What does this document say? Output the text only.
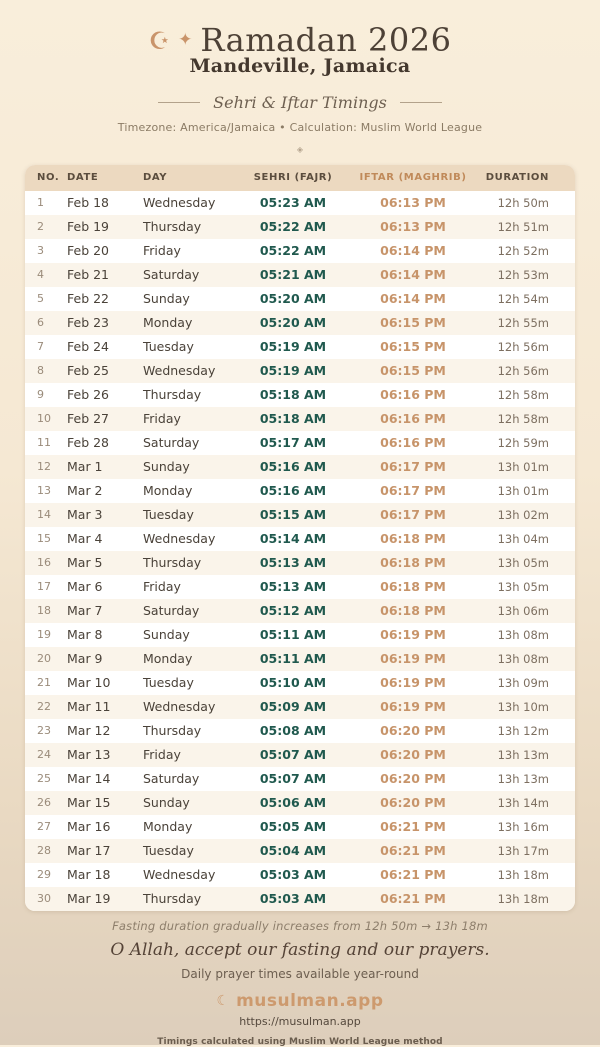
☪ ✦ Ramadan 2026
Mandeville, Jamaica
Sehri & Iftar Timings
Timezone: America/Jamaica • Calculation: Muslim World League
◈
NO. DATE	DAY	SEHRI (FAJR)	IFTAR (MAGHRIB)	DURATION
1	Feb 18	Wednesday	05:23 AM	06:13 PM	12h 50m
2	Feb 19	Thursday	05:22 AM	06:13 PM	12h 51m
3	Feb 20	Friday	05:22 AM	06:14 PM	12h 52m
4	Feb 21	Saturday	05:21 AM	06:14 PM	12h 53m
5	Feb 22	Sunday	05:20 AM	06:14 PM	12h 54m
6	Feb 23	Monday	05:20 AM	06:15 PM	12h 55m
7	Feb 24	Tuesday	05:19 AM	06:15 PM	12h 56m
8	Feb 25	Wednesday	05:19 AM	06:15 PM	12h 56m
9	Feb 26	Thursday	05:18 AM	06:16 PM	12h 58m
10	Feb 27	Friday	05:18 AM	06:16 PM	12h 58m
11	Feb 28	Saturday	05:17 AM	06:16 PM	12h 59m
12	Mar 1	Sunday	05:16 AM	06:17 PM	13h 01m
13	Mar 2	Monday	05:16 AM	06:17 PM	13h 01m
14	Mar 3	Tuesday	05:15 AM	06:17 PM	13h 02m
15	Mar 4	Wednesday	05:14 AM	06:18 PM	13h 04m
16	Mar 5	Thursday	05:13 AM	06:18 PM	13h 05m
17	Mar 6	Friday	05:13 AM	06:18 PM	13h 05m
18	Mar 7	Saturday	05:12 AM	06:18 PM	13h 06m
19	Mar 8	Sunday	05:11 AM	06:19 PM	13h 08m
20	Mar 9	Monday	05:11 AM	06:19 PM	13h 08m
21	Mar 10	Tuesday	05:10 AM	06:19 PM	13h 09m
22	Mar 11	Wednesday	05:09 AM	06:19 PM	13h 10m
23	Mar 12	Thursday	05:08 AM	06:20 PM	13h 12m
24	Mar 13	Friday	05:07 AM	06:20 PM	13h 13m
25	Mar 14	Saturday	05:07 AM	06:20 PM	13h 13m
26	Mar 15	Sunday	05:06 AM	06:20 PM	13h 14m
27	Mar 16	Monday	05:05 AM	06:21 PM	13h 16m
28	Mar 17	Tuesday	05:04 AM	06:21 PM	13h 17m
29	Mar 18	Wednesday	05:03 AM	06:21 PM	13h 18m
30	Mar 19	Thursday	05:03 AM	06:21 PM	13h 18m
Fasting duration gradually increases from 12h 50m → 13h 18m
O Allah, accept our fasting and our prayers.
Daily prayer times available year-round
☾ musulman.app
https://musulman.app
Timings calculated using Muslim World League method
